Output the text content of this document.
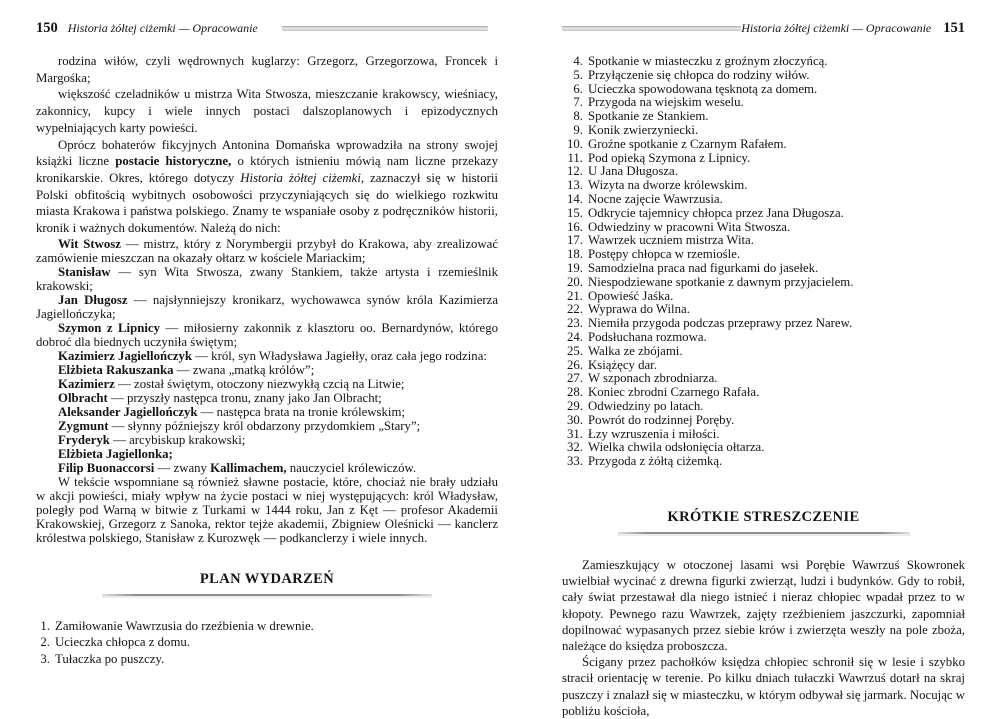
150 Historia żółtej ciżemki — Opracowanie

rodzina wiłów, czyli wędrownych kuglarzy: Grzegorz, Grzegorzowa, Froncek i Margośka;

większość czeladników u mistrza Wita Stwosza, mieszczanie krakowscy, wieśniacy, zakonnicy, kupcy i wiele innych postaci dalszoplanowych i epizodycznych wypełniających karty powieści.

Oprócz bohaterów fikcyjnych Antonina Domańska wprowadziła na strony swojej książki liczne postacie historyczne, o których istnieniu mówią nam liczne przekazy kronikarskie. Okres, którego dotyczy Historia żółtej ciżemki, zaznaczył się w historii Polski obfitością wybitnych osobowości przyczyniających się do wielkiego rozkwitu miasta Krakowa i państwa polskiego. Znamy te wspaniałe osoby z podręczników historii, kronik i ważnych dokumentów. Należą do nich:

Wit Stwosz — mistrz, który z Norymbergii przybył do Krakowa, aby zrealizować zamówienie mieszczan na okazały ołtarz w kościele Mariackim;

Stanisław — syn Wita Stwosza, zwany Stankiem, także artysta i rzemieślnik krakowski;

Jan Długosz — najsłynniejszy kronikarz, wychowawca synów króla Kazimierza Jagiellończyka;

Szymon z Lipnicy — miłosierny zakonnik z klasztoru oo. Bernardynów, którego dobroć dla biednych uczyniła świętym;

Kazimierz Jagiellończyk — król, syn Władysława Jagiełły, oraz cała jego rodzina:

Elżbieta Rakuszanka — zwana „matką królów”;

Kazimierz — został świętym, otoczony niezwykłą czcią na Litwie;

Olbracht — przyszły następca tronu, znany jako Jan Olbracht;

Aleksander Jagiellończyk — następca brata na tronie królewskim;

Zygmunt — słynny późniejszy król obdarzony przydomkiem „Stary”;

Fryderyk — arcybiskup krakowski;

Elżbieta Jagiellonka;

Filip Buonaccorsi — zwany Kallimachem, nauczyciel królewiczów.

W tekście wspomniane są również sławne postacie, które, chociaż nie brały udziału w akcji powieści, miały wpływ na życie postaci w niej występujących: król Władysław, poległy pod Warną w bitwie z Turkami w 1444 roku, Jan z Kęt — profesor Akademii Krakowskiej, Grzegorz z Sanoka, rektor tejże akademii, Zbigniew Oleśnicki — kanclerz królestwa polskiego, Stanisław z Kurozwęk — podkanclerzy i wiele innych.

PLAN WYDARZEŃ
1. Zamiłowanie Wawrzusia do rzeźbienia w drewnie.
2. Ucieczka chłopca z domu.
3. Tułaczka po puszczy.
Historia żółtej ciżemki — Opracowanie 151
4. Spotkanie w miasteczku z groźnym złoczyńcą.
5. Przyłączenie się chłopca do rodziny wiłów.
6. Ucieczka spowodowana tęsknotą za domem.
7. Przygoda na wiejskim weselu.
8. Spotkanie ze Stankiem.
9. Konik zwierzyniecki.
10. Groźne spotkanie z Czarnym Rafałem.
11. Pod opieką Szymona z Lipnicy.
12. U Jana Długosza.
13. Wizyta na dworze królewskim.
14. Nocne zajęcie Wawrzusia.
15. Odkrycie tajemnicy chłopca przez Jana Długosza.
16. Odwiedziny w pracowni Wita Stwosza.
17. Wawrzek uczniem mistrza Wita.
18. Postępy chłopca w rzemiośle.
19. Samodzielna praca nad figurkami do jasełek.
20. Niespodziewane spotkanie z dawnym przyjacielem.
21. Opowieść Jaśka.
22. Wyprawa do Wilna.
23. Niemiła przygoda podczas przeprawy przez Narew.
24. Podsłuchana rozmowa.
25. Walka ze zbójami.
26. Książęcy dar.
27. W szponach zbrodniarza.
28. Koniec zbrodni Czarnego Rafała.
29. Odwiedziny po latach.
30. Powrót do rodzinnej Poręby.
31. Łzy wzruszenia i miłości.
32. Wielka chwila odsłonięcia ołtarza.
33. Przygoda z żółtą ciżemką.
KRÓTKIE STRESZCZENIE

Zamieszkujący w otoczonej lasami wsi Porębie Wawrzuś Skowronek uwielbiał wycinać z drewna figurki zwierząt, ludzi i budynków. Gdy to robił, cały świat przestawał dla niego istnieć i nieraz chłopiec wpadał przez to w kłopoty. Pewnego razu Wawrzek, zajęty rzeźbieniem jaszczurki, zapomniał dopilnować wypasanych przez siebie krów i zwierzęta weszły na pole zboża, należące do księdza proboszcza.

Ścigany przez pachołków księdza chłopiec schronił się w lesie i szybko stracił orientację w terenie. Po kilku dniach tułaczki Wawrzuś dotarł na skraj puszczy i znalazł się w miasteczku, w którym odbywał się jarmark. Nocując w pobliżu kościoła,
